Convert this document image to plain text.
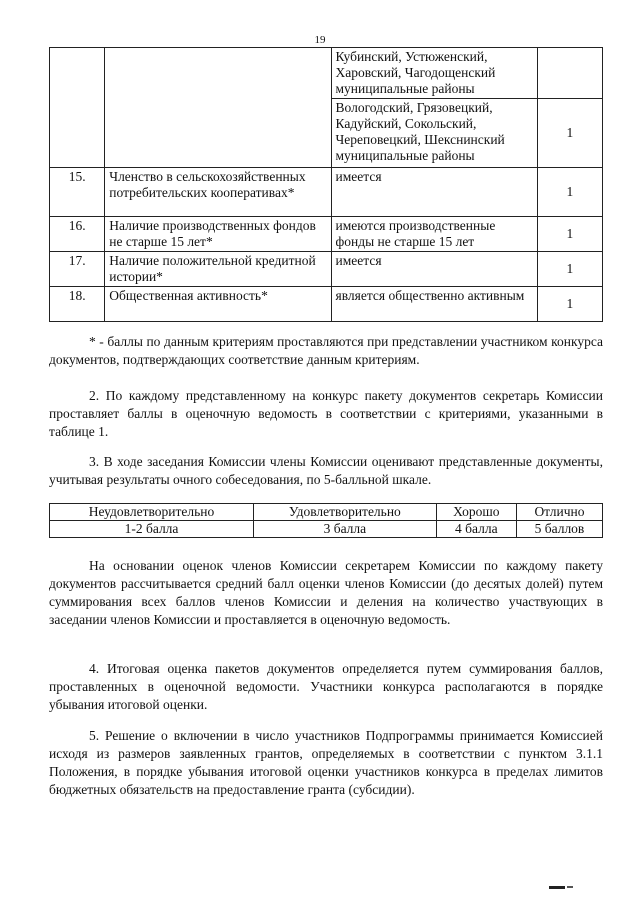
19
		Кубинский, Устюженский, Харовский, Чагодощенский муниципальные районы	
		Вологодский, Грязовецкий, Кадуйский, Сокольский, Череповецкий, Шекснинский муниципальные районы	1
15.	Членство в сельскохозяйственных потребительских кооперативах*	имеется	1
16.	Наличие производственных фондов не старше 15 лет*	имеются производственные фонды не старше 15 лет	1
17.	Наличие положительной кредитной истории*	имеется	1
18.	Общественная активность*	является общественно активным	1
* - баллы по данным критериям проставляются при представлении участником конкурса документов, подтверждающих соответствие данным критериям.
2. По каждому представленному на конкурс пакету документов секретарь Комиссии проставляет баллы в оценочную ведомость в соответствии с критериями, указанными в таблице 1.
3. В ходе заседания Комиссии члены Комиссии оценивают представленные документы, учитывая результаты очного собеседования, по 5-балльной шкале.
Неудовлетворительно	Удовлетворительно	Хорошо	Отлично
1-2 балла	3 балла	4 балла	5 баллов
На основании оценок членов Комиссии секретарем Комиссии по каждому пакету документов рассчитывается средний балл оценки членов Комиссии (до десятых долей) путем суммирования всех баллов членов Комиссии и деления на количество участвующих в заседании членов Комиссии и проставляется в оценочную ведомость.
4. Итоговая оценка пакетов документов определяется путем суммирования баллов, проставленных в оценочной ведомости. Участники конкурса располагаются в порядке убывания итоговой оценки.
5. Решение о включении в число участников Подпрограммы принимается Комиссией исходя из размеров заявленных грантов, определяемых в соответствии с пунктом 3.1.1 Положения, в порядке убывания итоговой оценки участников конкурса в пределах лимитов бюджетных обязательств на предоставление гранта (субсидии).
